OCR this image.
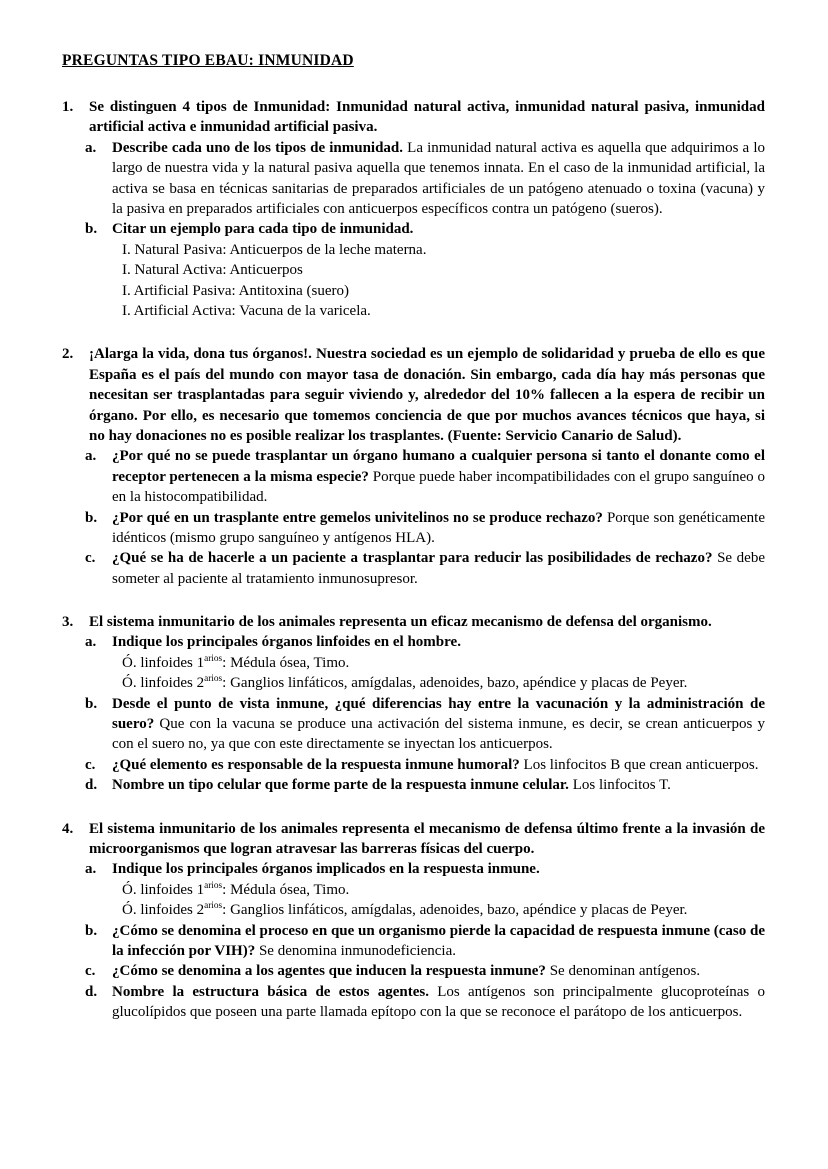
PREGUNTAS TIPO EBAU: INMUNIDAD
1. Se distinguen 4 tipos de Inmunidad: Inmunidad natural activa, inmunidad natural pasiva, inmunidad artificial activa e inmunidad artificial pasiva.
a. Describe cada uno de los tipos de inmunidad. La inmunidad natural activa es aquella que adquirimos a lo largo de nuestra vida y la natural pasiva aquella que tenemos innata. En el caso de la inmunidad artificial, la activa se basa en técnicas sanitarias de preparados artificiales de un patógeno atenuado o toxina (vacuna) y la pasiva en preparados artificiales con anticuerpos específicos contra un patógeno (sueros).
b. Citar un ejemplo para cada tipo de inmunidad.
I. Natural Pasiva: Anticuerpos de la leche materna.
I. Natural Activa: Anticuerpos
I. Artificial Pasiva: Antitoxina (suero)
I. Artificial Activa: Vacuna de la varicela.
2. ¡Alarga la vida, dona tus órganos!. Nuestra sociedad es un ejemplo de solidaridad y prueba de ello es que España es el país del mundo con mayor tasa de donación. Sin embargo, cada día hay más personas que necesitan ser trasplantadas para seguir viviendo y, alrededor del 10% fallecen a la espera de recibir un órgano. Por ello, es necesario que tomemos conciencia de que por muchos avances técnicos que haya, si no hay donaciones no es posible realizar los trasplantes. (Fuente: Servicio Canario de Salud).
a. ¿Por qué no se puede trasplantar un órgano humano a cualquier persona si tanto el donante como el receptor pertenecen a la misma especie? Porque puede haber incompatibilidades con el grupo sanguíneo o en la histocompatibilidad.
b. ¿Por qué en un trasplante entre gemelos univitelinos no se produce rechazo? Porque son genéticamente idénticos (mismo grupo sanguíneo y antígenos HLA).
c. ¿Qué se ha de hacerle a un paciente a trasplantar para reducir las posibilidades de rechazo? Se debe someter al paciente al tratamiento inmunosupresor.
3. El sistema inmunitario de los animales representa un eficaz mecanismo de defensa del organismo.
a. Indique los principales órganos linfoides en el hombre.
Ó. linfoides $1^{arios}$: Médula ósea, Timo.
Ó. linfoides $2^{arios}$: Ganglios linfáticos, amígdalas, adenoides, bazo, apéndice y placas de Peyer.
b. Desde el punto de vista inmune, ¿qué diferencias hay entre la vacunación y la administración de suero? Que con la vacuna se produce una activación del sistema inmune, es decir, se crean anticuerpos y con el suero no, ya que con este directamente se inyectan los anticuerpos.
c. ¿Qué elemento es responsable de la respuesta inmune humoral? Los linfocitos B que crean anticuerpos.
d. Nombre un tipo celular que forme parte de la respuesta inmune celular. Los linfocitos T.
4. El sistema inmunitario de los animales representa el mecanismo de defensa último frente a la invasión de microorganismos que logran atravesar las barreras físicas del cuerpo.
a. Indique los principales órganos implicados en la respuesta inmune.
Ó. linfoides $1^{arios}$: Médula ósea, Timo.
Ó. linfoides $2^{arios}$: Ganglios linfáticos, amígdalas, adenoides, bazo, apéndice y placas de Peyer.
b. ¿Cómo se denomina el proceso en que un organismo pierde la capacidad de respuesta inmune (caso de la infección por VIH)? Se denomina inmunodeficiencia.
c. ¿Cómo se denomina a los agentes que inducen la respuesta inmune? Se denominan antígenos.
d. Nombre la estructura básica de estos agentes. Los antígenos son principalmente glucoproteínas o glucolípidos que poseen una parte llamada epítopo con la que se reconoce el parátopo de los anticuerpos.
